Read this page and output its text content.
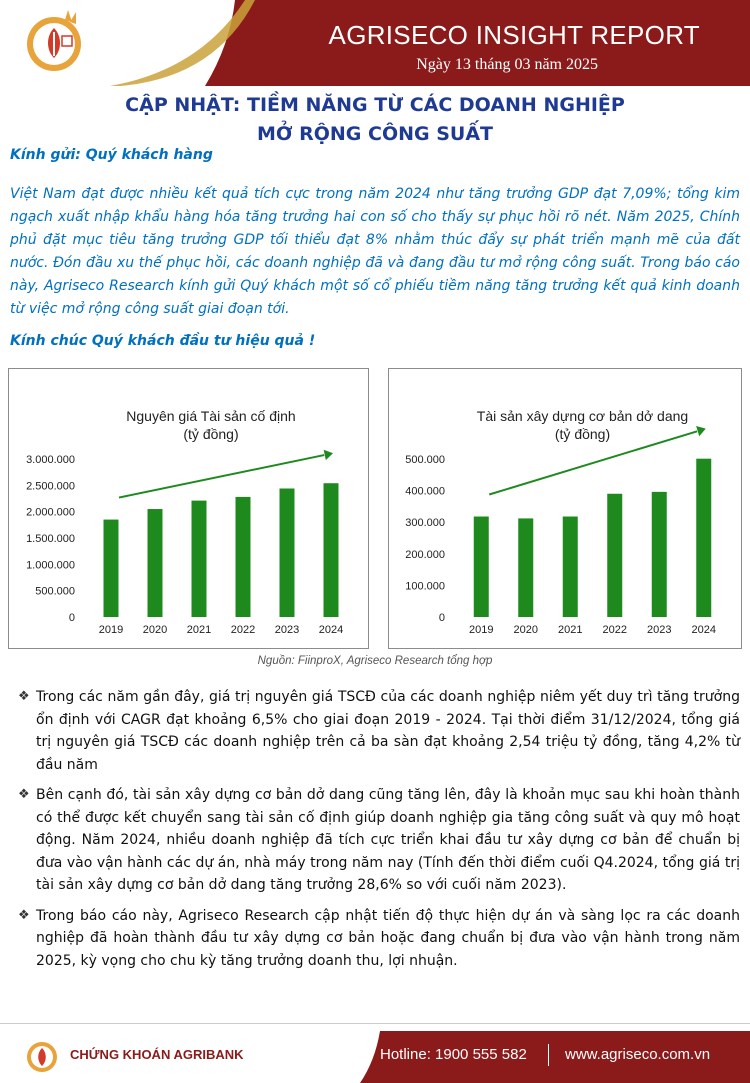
AGRISECO INSIGHT REPORT
Ngày 13 tháng 03 năm 2025
CẬP NHẬT: TIỀM NĂNG TỪ CÁC DOANH NGHIỆP
MỞ RỘNG CÔNG SUẤT
Kính gửi: Quý khách hàng
Việt Nam đạt được nhiều kết quả tích cực trong năm 2024 như tăng trưởng GDP đạt 7,09%; tổng kim ngạch xuất nhập khẩu hàng hóa tăng trưởng hai con số cho thấy sự phục hồi rõ nét. Năm 2025, Chính phủ đặt mục tiêu tăng trưởng GDP tối thiểu đạt 8% nhằm thúc đẩy sự phát triển mạnh mẽ của đất nước. Đón đầu xu thế phục hồi, các doanh nghiệp đã và đang đầu tư mở rộng công suất. Trong báo cáo này, Agriseco Research kính gửi Quý khách một số cổ phiếu tiềm năng tăng trưởng kết quả kinh doanh từ việc mở rộng công suất giai đoạn tới.
Kính chúc Quý khách đầu tư hiệu quả !
Nguyên giá Tài sản cố định
(tỷ đồng)
0
500.000
1.000.000
1.500.000
2.000.000
2.500.000
3.000.000
2019 2020 2021 2022 2023 2024
Tài sản xây dựng cơ bản dở dang
(tỷ đồng)
0
100.000
200.000
300.000
400.000
500.000
2019 2020 2021 2022 2023 2024
Nguồn: FiinproX, Agriseco Research tổng hợp
❖ Trong các năm gần đây, giá trị nguyên giá TSCĐ của các doanh nghiệp niêm yết duy trì tăng trưởng ổn định với CAGR đạt khoảng 6,5% cho giai đoạn 2019 - 2024. Tại thời điểm 31/12/2024, tổng giá trị nguyên giá TSCĐ các doanh nghiệp trên cả ba sàn đạt khoảng 2,54 triệu tỷ đồng, tăng 4,2% từ đầu năm
❖ Bên cạnh đó, tài sản xây dựng cơ bản dở dang cũng tăng lên, đây là khoản mục sau khi hoàn thành có thể được kết chuyển sang tài sản cố định giúp doanh nghiệp gia tăng công suất và quy mô hoạt động. Năm 2024, nhiều doanh nghiệp đã tích cực triển khai đầu tư xây dựng cơ bản để chuẩn bị đưa vào vận hành các dự án, nhà máy trong năm nay (Tính đến thời điểm cuối Q4.2024, tổng giá trị tài sản xây dựng cơ bản dở dang tăng trưởng 28,6% so với cuối năm 2023).
❖ Trong báo cáo này, Agriseco Research cập nhật tiến độ thực hiện dự án và sàng lọc ra các doanh nghiệp đã hoàn thành đầu tư xây dựng cơ bản hoặc đang chuẩn bị đưa vào vận hành trong năm 2025, kỳ vọng cho chu kỳ tăng trưởng doanh thu, lợi nhuận.
CHỨNG KHOÁN AGRIBANK	Hotline: 1900 555 582	www.agriseco.com.vn
